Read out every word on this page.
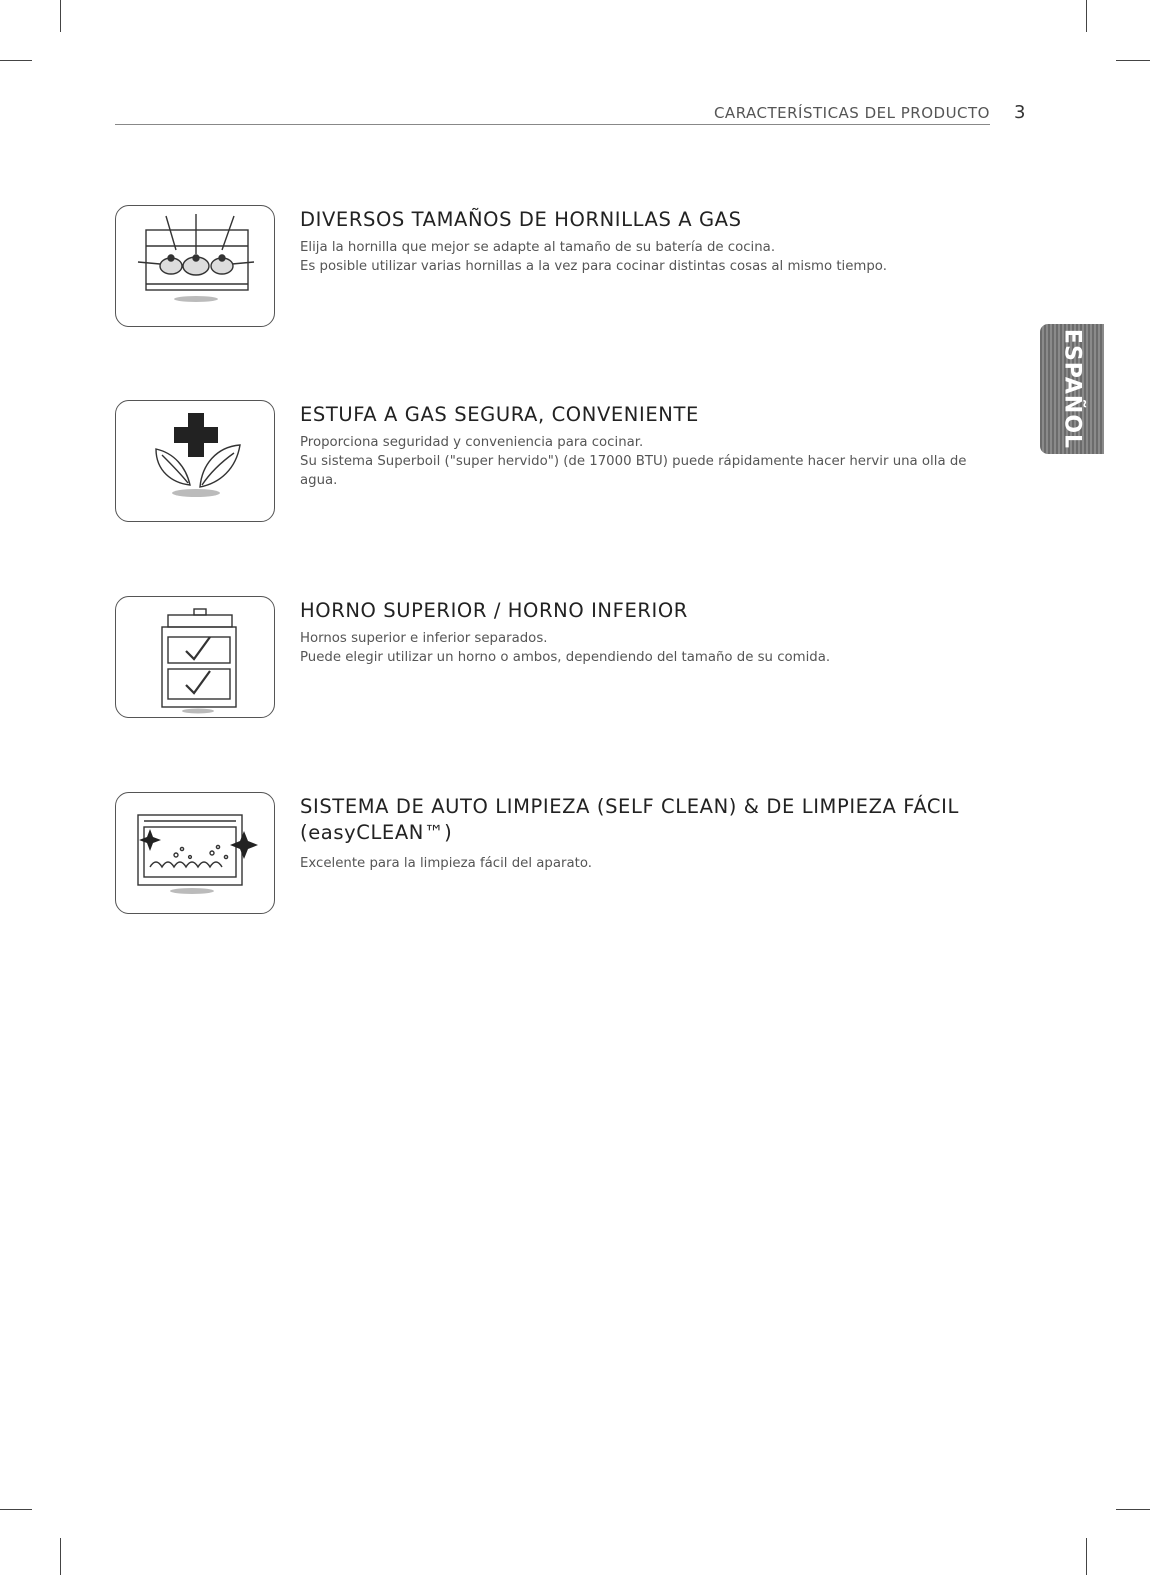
CARACTERÍSTICAS DEL PRODUCTO 3
ESPAÑOL
DIVERSOS TAMAÑOS DE HORNILLAS A GAS

Elija la hornilla que mejor se adapte al tamaño de su batería de cocina.

Es posible utilizar varias hornillas a la vez para cocinar distintas cosas al mismo tiempo.

ESTUFA A GAS SEGURA, CONVENIENTE

Proporciona seguridad y conveniencia para cocinar.

Su sistema Superboil ("super hervido") (de 17000 BTU) puede rápidamente hacer hervir una olla de agua.

HORNO SUPERIOR / HORNO INFERIOR

Hornos superior e inferior separados.

Puede elegir utilizar un horno o ambos, dependiendo del tamaño de su comida.

SISTEMA DE AUTO LIMPIEZA (SELF CLEAN) & DE LIMPIEZA FÁCIL (easyCLEAN™)

Excelente para la limpieza fácil del aparato.
